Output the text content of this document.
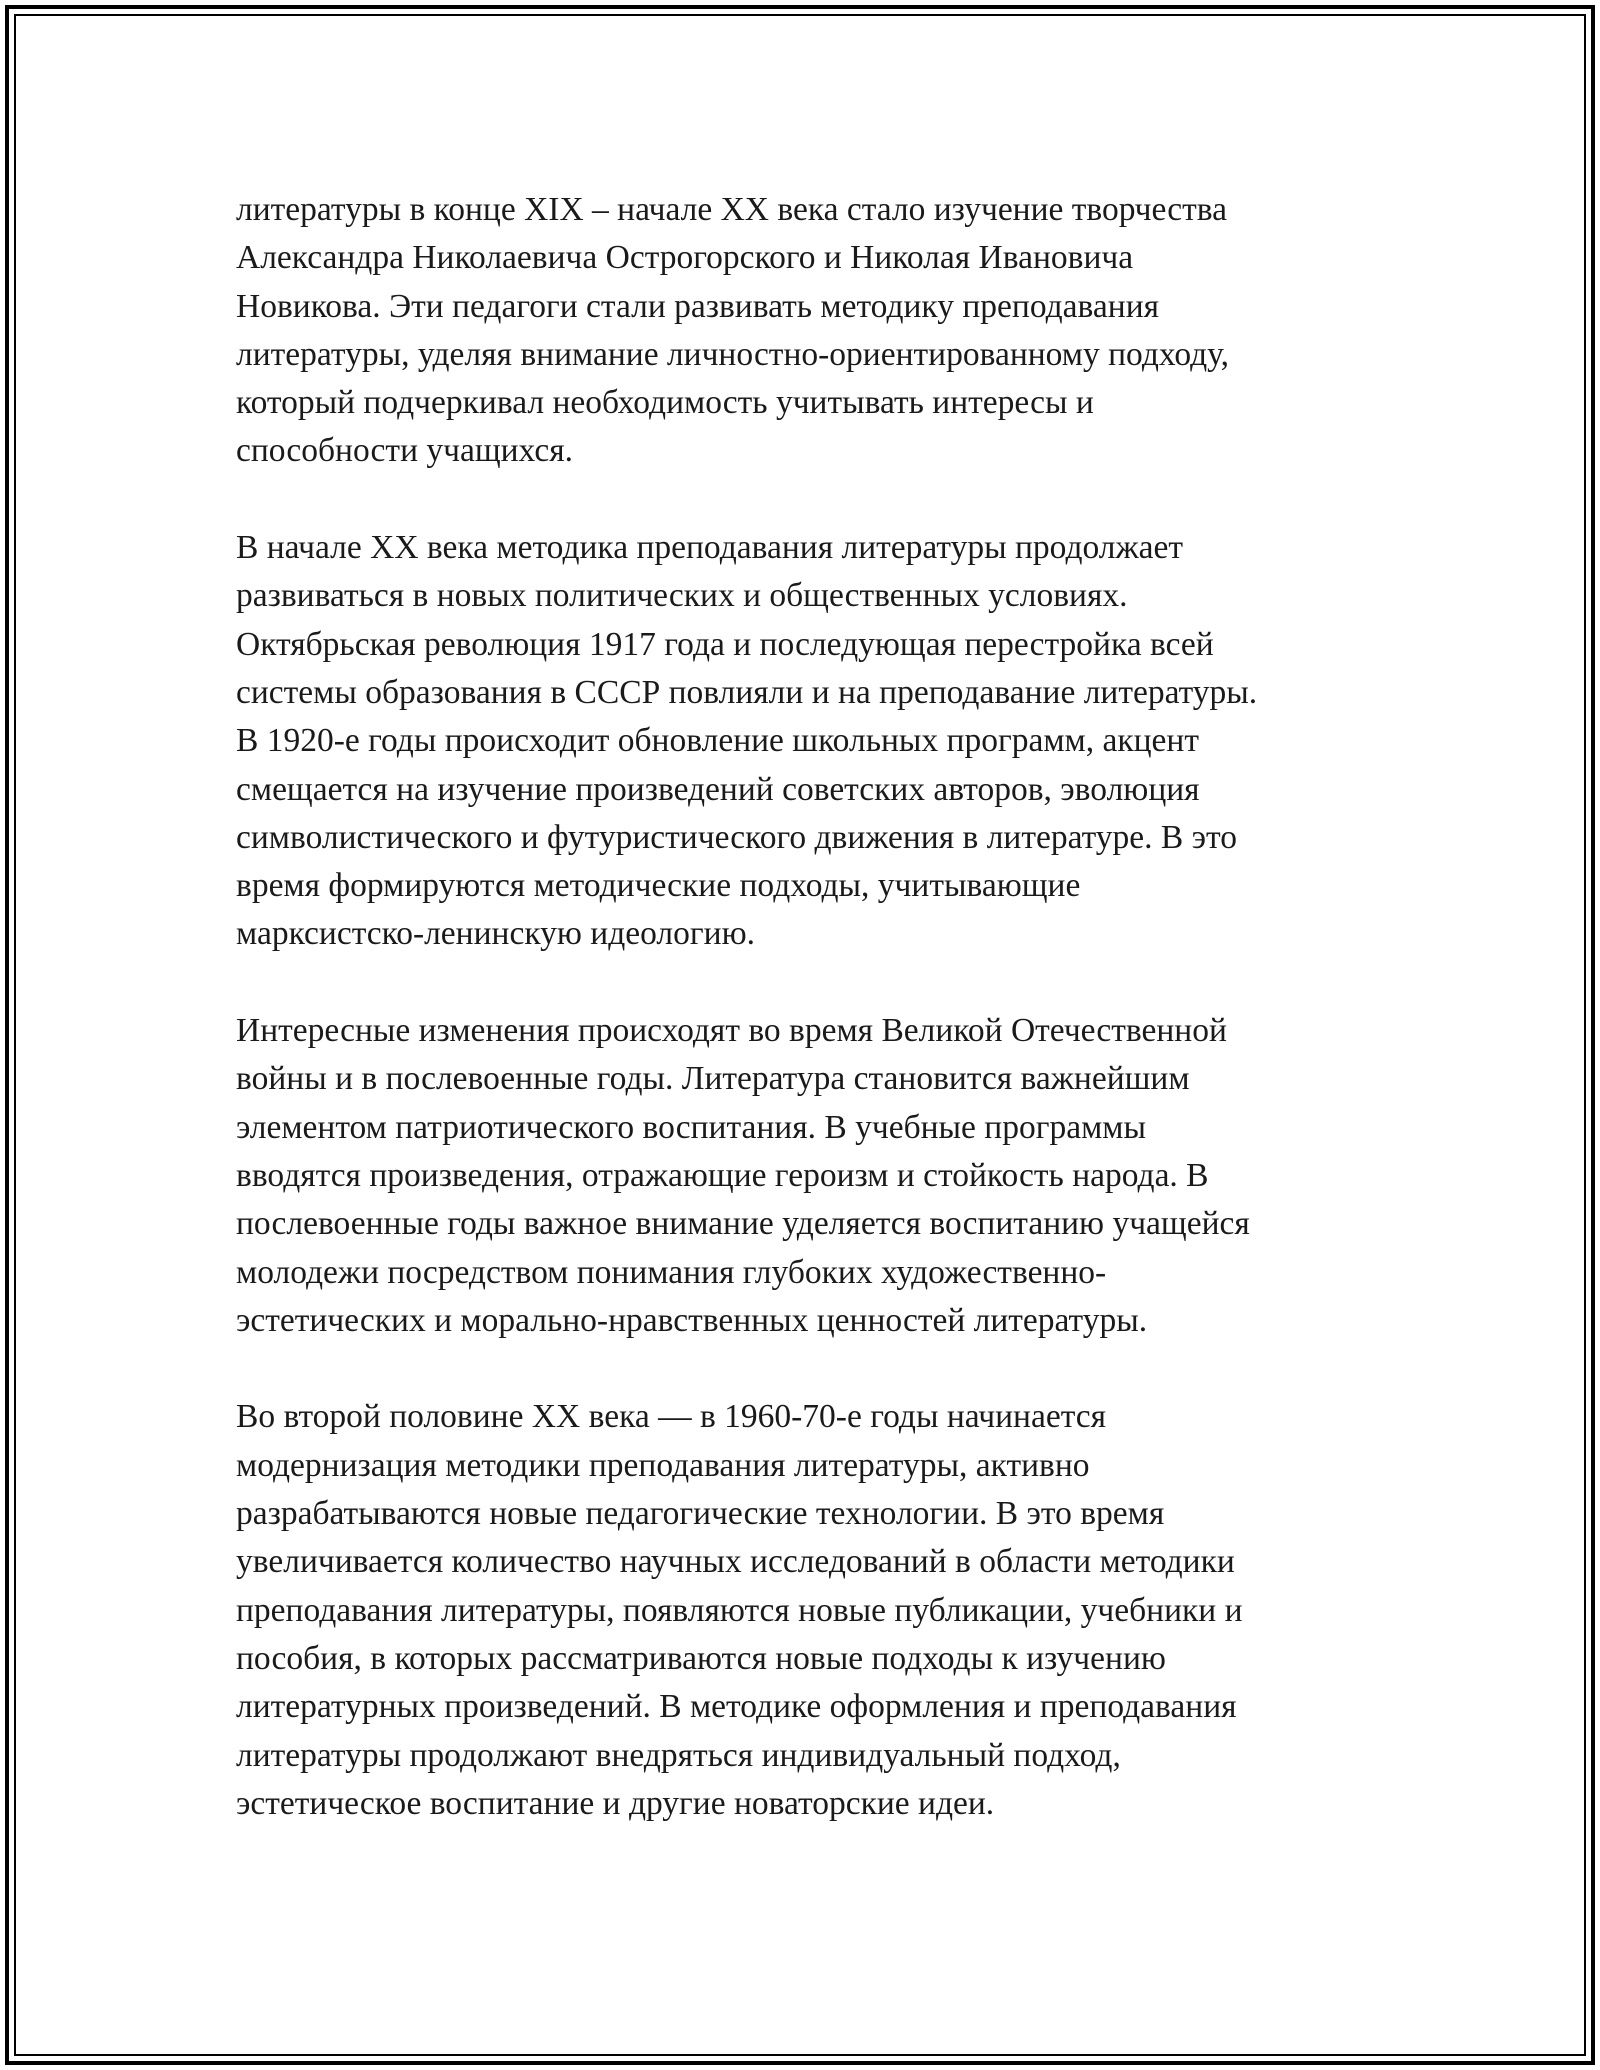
литературы в конце XIX – начале XX века стало изучение творчества
Александра Николаевича Острогорского и Николая Ивановича
Новикова. Эти педагоги стали развивать методику преподавания
литературы, уделяя внимание личностно-ориентированному подходу,
который подчеркивал необходимость учитывать интересы и
способности учащихся.

В начале XX века методика преподавания литературы продолжает
развиваться в новых политических и общественных условиях.
Октябрьская революция 1917 года и последующая перестройка всей
системы образования в СССР повлияли и на преподавание литературы.
В 1920-е годы происходит обновление школьных программ, акцент
смещается на изучение произведений советских авторов, эволюция
символистического и футуристического движения в литературе. В это
время формируются методические подходы, учитывающие
марксистско-ленинскую идеологию.

Интересные изменения происходят во время Великой Отечественной
войны и в послевоенные годы. Литература становится важнейшим
элементом патриотического воспитания. В учебные программы
вводятся произведения, отражающие героизм и стойкость народа. В
послевоенные годы важное внимание уделяется воспитанию учащейся
молодежи посредством понимания глубоких художественно-
эстетических и морально-нравственных ценностей литературы.

Во второй половине XX века — в 1960-70-е годы начинается
модернизация методики преподавания литературы, активно
разрабатываются новые педагогические технологии. В это время
увеличивается количество научных исследований в области методики
преподавания литературы, появляются новые публикации, учебники и
пособия, в которых рассматриваются новые подходы к изучению
литературных произведений. В методике оформления и преподавания
литературы продолжают внедряться индивидуальный подход,
эстетическое воспитание и другие новаторские идеи.
